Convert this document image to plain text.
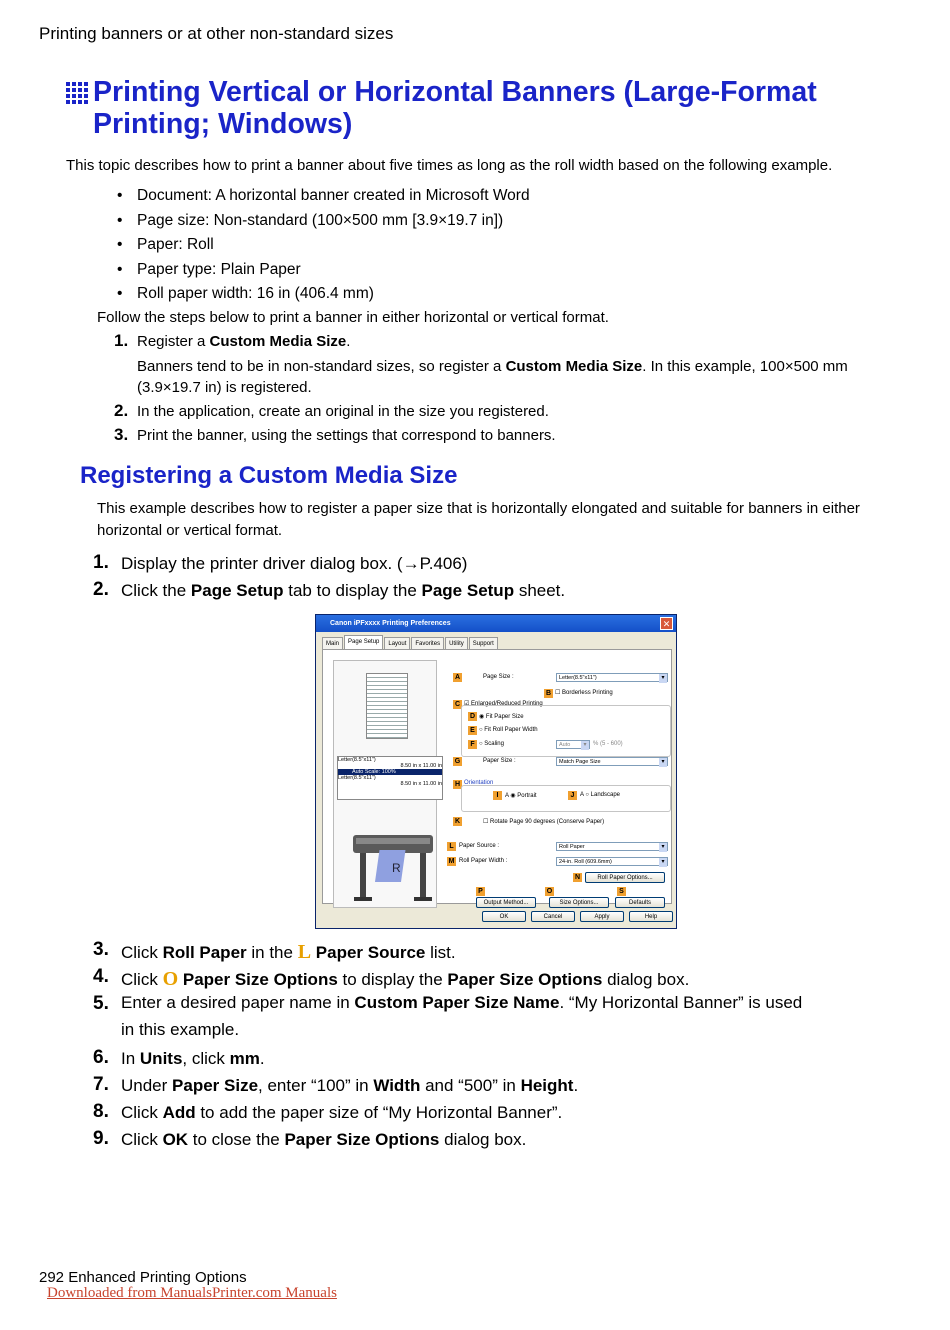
Printing banners or at other non-standard sizes
Printing Vertical or Horizontal Banners (Large-Format
Printing; Windows)
This topic describes how to print a banner about five times as long as the roll width based on the following example.
• Document: A horizontal banner created in Microsoft Word
• Page size: Non-standard (100×500 mm [3.9×19.7 in])
• Paper: Roll
• Paper type: Plain Paper
• Roll paper width: 16 in (406.4 mm)
Follow the steps below to print a banner in either horizontal or vertical format.
1. Register a Custom Media Size.
Banners tend to be in non-standard sizes, so register a Custom Media Size. In this example, 100×500 mm (3.9×19.7 in) is registered.
2. In the application, create an original in the size you registered.
3. Print the banner, using the settings that correspond to banners.
Registering a Custom Media Size
This example describes how to register a paper size that is horizontally elongated and suitable for banners in either horizontal or vertical format.
1. Display the printer driver dialog box. (→P.406)
2. Click the Page Setup tab to display the Page Setup sheet.
Canon iPFxxxx Printing Preferences	✕
Main	Page Setup	Layout	Favorites	Utility	Support
Letter(8.5"x11")
8.50 in x 11.00 in
Auto Scale: 100%
Letter(8.5"x11")
8.50 in x 11.00 in
R
A	Page Size :	Letter(8.5"x11") ▾
B ☐ Borderless Printing
C ☑ Enlarged/Reduced Printing
D ◉ Fit Paper Size
E ○ Fit Roll Paper Width
F ○ Scaling	Auto ▾	% (5 - 600)
G	Paper Size :	Match Page Size ▾
H Orientation
I	A ◉ Portrait	J A ○ Landscape
K	☐ Rotate Page 90 degrees (Conserve Paper)
L Paper Source :	Roll Paper ▾
M Roll Paper Width :	24-in. Roll (609.6mm) ▾
N	Roll Paper Options...
P	O	S
Output Method...	Size Options...	Defaults
OK	Cancel	Apply	Help
3. Click Roll Paper in the L Paper Source list.
4. Click O Paper Size Options to display the Paper Size Options dialog box.
5. Enter a desired paper name in Custom Paper Size Name. “My Horizontal Banner” is used
in this example.
6. In Units, click mm.
7. Under Paper Size, enter “100” in Width and “500” in Height.
8. Click Add to add the paper size of “My Horizontal Banner”.
9. Click OK to close the Paper Size Options dialog box.
292 Enhanced Printing Options
Downloaded from ManualsPrinter.com Manuals
